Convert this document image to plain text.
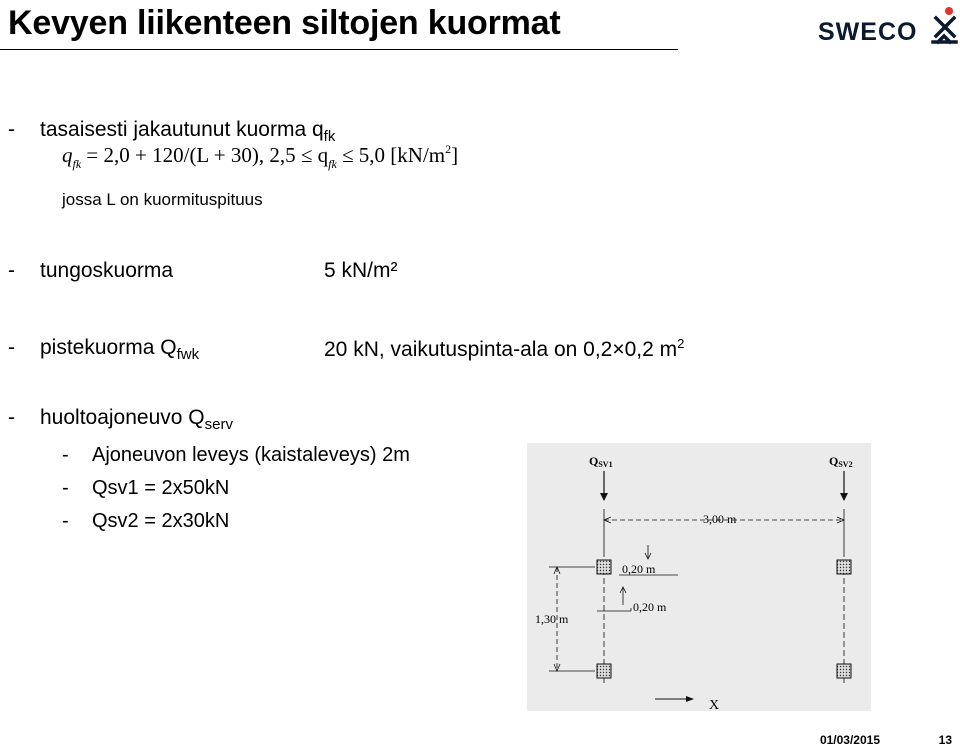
Kevyen liikenteen siltojen kuormat	SWECO
- tasaisesti jakautunut kuorma $q_{fk}$
$q_{fk} = 2,0 + 120/(L + 30)$, $2,5 \le q_{fk} \le 5,0$ $[kN/m^2]$
jossa L on kuormituspituus
- tungoskuorma	5 kN/m²
- pistekuorma $Q_{fwk}$	20 kN, vaikutuspinta-ala on 0,2×0,2 $m^2$
- huoltoajoneuvo $Q_{serv}$
- Ajoneuvon leveys (kaistaleveys) 2m
- Qsv1 = 2x50kN
- Qsv2 = 2x30kN
QSV1	QSV2
3,00 m
0,20 m
0,20 m
1,30 m
X
01/03/2015	13
